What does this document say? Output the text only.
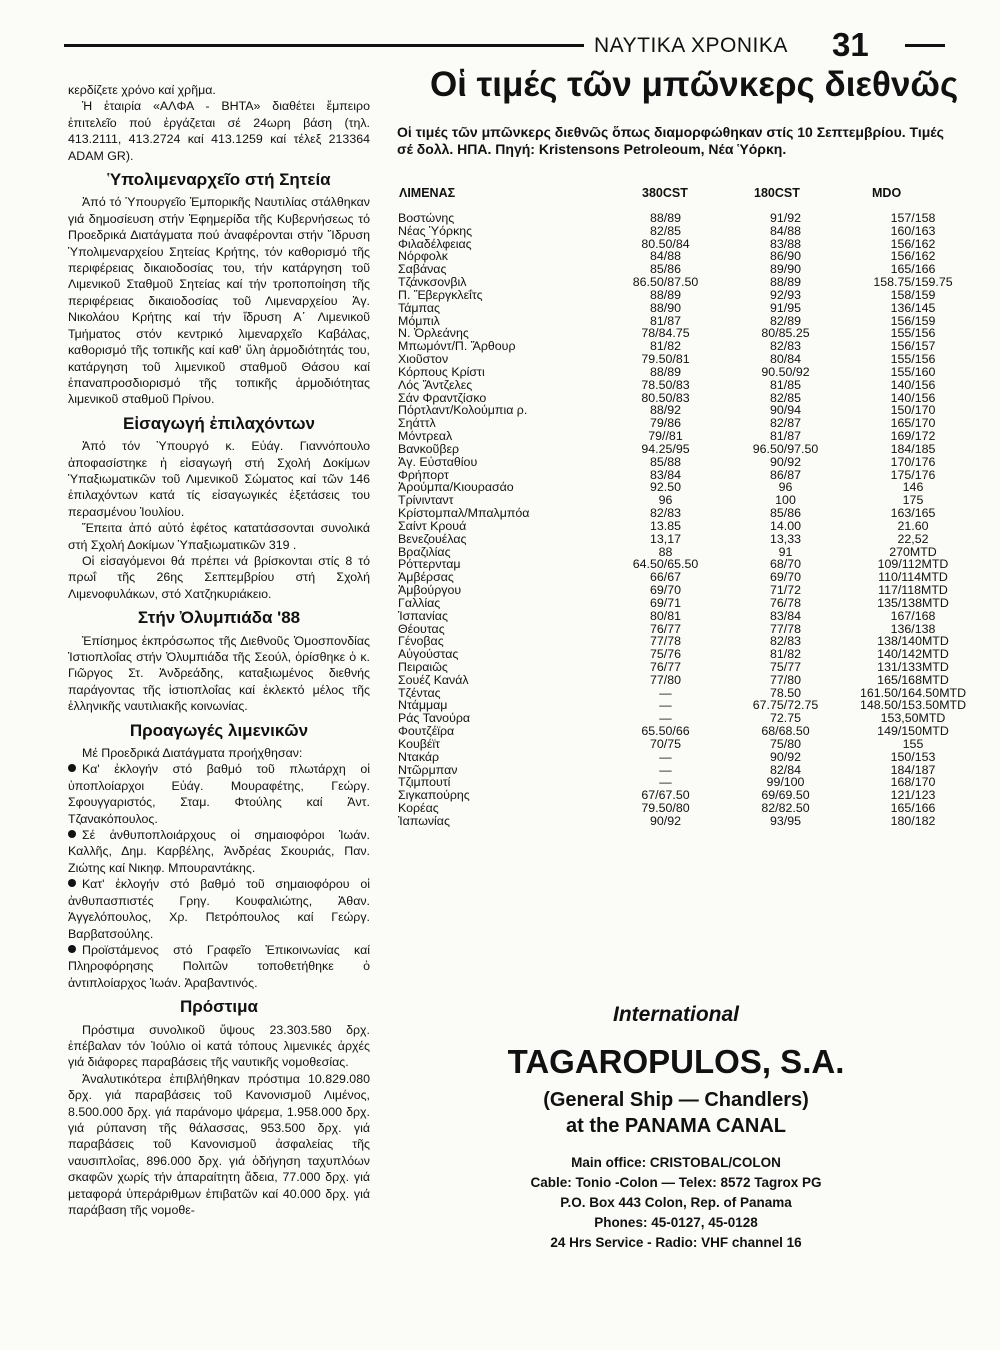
ΝΑΥΤΙΚΑ ΧΡΟΝΙΚΑ 31
Οἱ τιμές τῶν μπῶνκερς διεθνῶς
Οἱ τιμές τῶν μπῶνκερς διεθνῶς ὅπως διαμορφώθηκαν στίς 10 Σεπτεμβρίου. Τιμές σέ δολλ. ΗΠΑ. Πηγή: Kristensons Petroleoum, Νέα Ὑόρκη.

κερδίζετε χρόνο καί χρῆμα.

Ἡ ἑταιρία «ΑΛΦΑ - ΒΗΤΑ» διαθέτει ἔμπειρο ἐπιτελεῖο πού ἐργάζεται σέ 24ωρη βάση (τηλ. 413.2111, 413.2724 καί 413.1259 καί τέλεξ 213364 ADAM GR).

Ὑπολιμεναρχεῖο στή Σητεία

Ἀπό τό Ὑπουργεῖο Ἐμπορικῆς Ναυτιλίας στάλθηκαν γιά δημοσίευση στήν Ἐφημερίδα τῆς Κυβερνήσεως τό Προεδρικά Διατάγματα πού ἀναφέρονται στήν Ἵδρυση Ὑπολιμεναρχείου Σητείας Κρήτης, τόν καθορισμό τῆς περιφέρειας δικαιοδοσίας του, τήν κατάργηση τοῦ Λιμενικοῦ Σταθμοῦ Σητείας καί τήν τροποποίηση τῆς περιφέρειας δικαιοδοσίας τοῦ Λιμεναρχείου Ἁγ. Νικολάου Κρήτης καί τήν ἵδρυση Α΄ Λιμενικοῦ Τμήματος στόν κεντρικό λιμεναρχεῖο Καβάλας, καθορισμό τῆς τοπικῆς καί καθ' ὕλη ἁρμοδιότητάς του, κατάργηση τοῦ λιμενικοῦ σταθμοῦ Θάσου καί ἐπαναπροσδιορισμό τῆς τοπικῆς ἁρμοδιότητας λιμενικοῦ σταθμοῦ Πρίνου.

Εἰσαγωγή ἐπιλαχόντων

Ἀπό τόν Ὑπουργό κ. Εὐάγ. Γιαννόπουλο ἀποφασίστηκε ἡ εἰσαγωγή στή Σχολή Δοκίμων Ὑπαξιωματικῶν τοῦ Λιμενικοῦ Σώματος καί τῶν 146 ἐπιλαχόντων κατά τίς εἰσαγωγικές ἐξετάσεις του περασμένου Ἰουλίου.

Ἔπειτα ἀπό αὐτό ἐφέτος κατατάσσονται συνολικά στή Σχολή Δοκίμων Ὑπαξιωματικῶν 319 .

Οἱ εἰσαγόμενοι θά πρέπει νά βρίσκονται στίς 8 τό πρωΐ τῆς 26ης Σεπτεμβρίου στή Σχολή Λιμενοφυλάκων, στό Χατζηκυριάκειο.

Στήν Ὀλυμπιάδα '88

Ἐπίσημος ἐκπρόσωπος τῆς Διεθνοῦς Ὁμοσπονδίας Ἱστιοπλοΐας στήν Ὀλυμπιάδα τῆς Σεούλ, ὁρίσθηκε ὁ κ. Γιῶργος Στ. Ἀνδρεάδης, καταξιωμένος διεθνής παράγοντας τῆς ἱστιοπλοΐας καί ἐκλεκτό μέλος τῆς ἑλληνικῆς ναυτιλιακῆς κοινωνίας.

Προαγωγές λιμενικῶν

Μέ Προεδρικά Διατάγματα προήχθησαν:

Κα' ἐκλογήν στό βαθμό τοῦ πλωτάρχη οἱ ὑποπλοίαρχοι Εὐάγ. Μουραφέτης, Γεώργ. Σφουγγαριστός, Σταμ. Φτούλης καί Ἀντ. Τζανακόπουλος.

Σέ ἀνθυποπλοιάρχους οἱ σημαιοφόροι Ἰωάν. Καλλῆς, Δημ. Καρβέλης, Ἀνδρέας Σκουριάς, Παν. Ζιώτης καί Νικηφ. Μπουραντάκης.

Κατ' ἐκλογήν στό βαθμό τοῦ σημαιοφόρου οἱ ἀνθυπασπιστές Γρηγ. Κουφαλιώτης, Ἀθαν. Ἀγγελόπουλος, Χρ. Πετρόπουλος καί Γεώργ. Βαρβατσούλης.

Προϊστάμενος στό Γραφεῖο Ἐπικοινωνίας καί Πληροφόρησης Πολιτῶν τοποθετήθηκε ὁ ἀντιπλοίαρχος Ἰωάν. Ἀραβαντινός.

Πρόστιμα

Πρόστιμα συνολικοῦ ὕψους 23.303.580 δρχ. ἐπέβαλαν τόν Ἰούλιο οἱ κατά τόπους λιμενικές ἀρχές γιά διάφορες παραβάσεις τῆς ναυτικῆς νομοθεσίας.

Ἀναλυτικότερα ἐπιβλήθηκαν πρόστιμα 10.829.080 δρχ. γιά παραβάσεις τοῦ Κανονισμοῦ Λιμένος, 8.500.000 δρχ. γιά παράνομο ψάρεμα, 1.958.000 δρχ. γιά ρύπανση τῆς θάλασσας, 953.500 δρχ. γιά παραβάσεις τοῦ Κανονισμοῦ ἀσφαλείας τῆς ναυσιπλοΐας, 896.000 δρχ. γιά ὁδήγηση ταχυπλόων σκαφῶν χωρίς τήν ἀπαραίτητη ἄδεια, 77.000 δρχ. γιά μεταφορά ὑπεράριθμων ἐπιβατῶν καί 40.000 δρχ. γιά παράβαση τῆς νομοθε-

ΛΙΜΕΝΑΣ	380CST	180CST	MDO
Βοστώνης	88/89	91/92	157/158
Νέας Ὑόρκης	82/85	84/88	160/163
Φιλαδέλφειας	80.50/84	83/88	156/162
Νόρφολκ	84/88	86/90	156/162
Σαβάνας	85/86	89/90	165/166
Τζάνκσονβιλ	86.50/87.50	88/89	158.75/159.75
Π. Ἔβεργκλεΐτς	88/89	92/93	158/159
Τάμπας	88/90	91/95	136/145
Μόμπιλ	81/87	82/89	156/159
Ν. Ὀρλεάνης	78/84.75	80/85.25	155/156
Μπωμόντ/Π. Ἄρθουρ	81/82	82/83	156/157
Χιοῦστον	79.50/81	80/84	155/156
Κόρπους Κρίστι	88/89	90.50/92	155/160
Λός Ἄντζελες	78.50/83	81/85	140/156
Σάν Φραντζίσκο	80.50/83	82/85	140/156
Πόρτλαντ/Κολούμπια ρ.	88/92	90/94	150/170
Σηάττλ	79/86	82/87	165/170
Μόντρεαλ	79//81	81/87	169/172
Βανκοῦβερ	94.25/95	96.50/97.50	184/185
Ἁγ. Εὐσταθίου	85/88	90/92	170/176
Φρήπορτ	83/84	86/87	175/176
Ἀρούμπα/Κιουρασάο	92.50	96	146
Τρίνινταντ	96	100	175
Κρίστομπαλ/Μπαλμπόα	82/83	85/86	163/165
Σαίντ Κρουά	13.85	14.00	21.60
Βενεζουέλας	13,17	13,33	22,52
Βραζιλίας	88	91	270MTD
Ρόττερνταμ	64.50/65.50	68/70	109/112MTD
Ἀμβέρσας	66/67	69/70	110/114MTD
Ἀμβούργου	69/70	71/72	117/118MTD
Γαλλίας	69/71	76/78	135/138MTD
Ἱσπανίας	80/81	83/84	167/168
Θέουτας	76/77	77/78	136/138
Γένοβας	77/78	82/83	138/140MTD
Αὐγούστας	75/76	81/82	140/142MTD
Πειραιῶς	76/77	75/77	131/133MTD
Σουέζ Κανάλ	77/80	77/80	165/168MTD
Τζέντας	—	78.50	161.50/164.50MTD
Ντάμμαμ	—	67.75/72.75	148.50/153.50MTD
Ράς Τανούρα	—	72.75	153,50MTD
Φουτζέϊρα	65.50/66	68/68.50	149/150MTD
Κουβέϊτ	70/75	75/80	155
Ντακάρ	—	90/92	150/153
Ντῶρμπαν	—	82/84	184/187
Τζιμπουτί	—	99/100	168/170
Σιγκαπούρης	67/67.50	69/69.50	121/123
Κορέας	79.50/80	82/82.50	165/166
Ἰαπωνίας	90/92	93/95	180/182
International
TAGAROPULOS, S.A.
(General Ship — Chandlers)
at the PANAMA CANAL
Main office: CRISTOBAL/COLON
Cable: Tonio -Colon — Telex: 8572 Tagrox PG
P.O. Box 443 Colon, Rep. of Panama
Phones: 45-0127, 45-0128
24 Hrs Service - Radio: VHF channel 16
